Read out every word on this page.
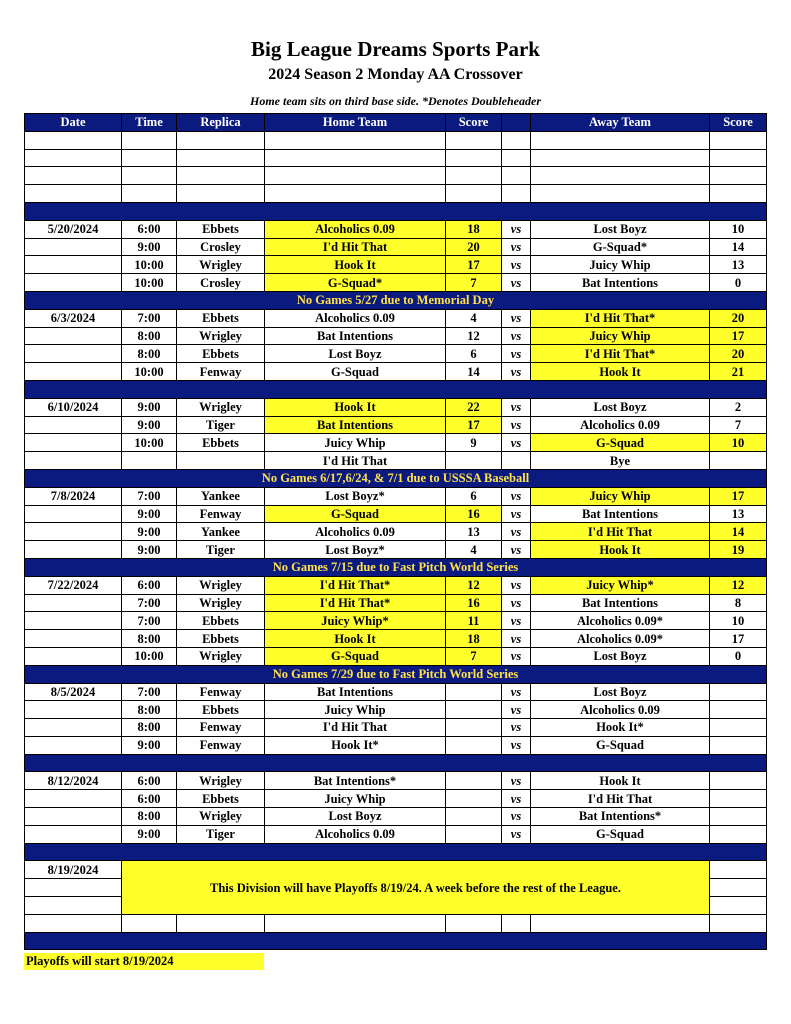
Big League Dreams Sports Park
2024 Season 2 Monday AA Crossover
Home team sits on third base side. *Denotes Doubleheader
Date	Time	Replica	Home Team	Score		Away Team	Score

5/20/2024	6:00	Ebbets	Alcoholics 0.09	18	vs	Lost Boyz	10
	9:00	Crosley	I'd Hit That	20	vs	G-Squad*	14
	10:00	Wrigley	Hook It	17	vs	Juicy Whip	13
	10:00	Crosley	G-Squad*	7	vs	Bat Intentions	0
No Games 5/27 due to Memorial Day							
6/3/2024	7:00	Ebbets	Alcoholics 0.09	4	vs	I'd Hit That*	20
	8:00	Wrigley	Bat Intentions	12	vs	Juicy Whip	17
	8:00	Ebbets	Lost Boyz	6	vs	I'd Hit That*	20
	10:00	Fenway	G-Squad	14	vs	Hook It	21

6/10/2024	9:00	Wrigley	Hook It	22	vs	Lost Boyz	2
	9:00	Tiger	Bat Intentions	17	vs	Alcoholics 0.09	7
	10:00	Ebbets	Juicy Whip	9	vs	G-Squad	10
			I'd Hit That			Bye	
No Games 6/17,6/24, & 7/1 due to USSSA Baseball							
7/8/2024	7:00	Yankee	Lost Boyz*	6	vs	Juicy Whip	17
	9:00	Fenway	G-Squad	16	vs	Bat Intentions	13
	9:00	Yankee	Alcoholics 0.09	13	vs	I'd Hit That	14
	9:00	Tiger	Lost Boyz*	4	vs	Hook It	19
No Games 7/15 due to Fast Pitch World Series							
7/22/2024	6:00	Wrigley	I'd Hit That*	12	vs	Juicy Whip*	12
	7:00	Wrigley	I'd Hit That*	16	vs	Bat Intentions	8
	7:00	Ebbets	Juicy Whip*	11	vs	Alcoholics 0.09*	10
	8:00	Ebbets	Hook It	18	vs	Alcoholics 0.09*	17
	10:00	Wrigley	G-Squad	7	vs	Lost Boyz	0
No Games 7/29 due to Fast Pitch World Series							
8/5/2024	7:00	Fenway	Bat Intentions		vs	Lost Boyz	
	8:00	Ebbets	Juicy Whip		vs	Alcoholics 0.09	
	8:00	Fenway	I'd Hit That		vs	Hook It*	
	9:00	Fenway	Hook It*		vs	G-Squad	

8/12/2024	6:00	Wrigley	Bat Intentions*		vs	Hook It	
	6:00	Ebbets	Juicy Whip		vs	I'd Hit That	
	8:00	Wrigley	Lost Boyz		vs	Bat Intentions*	
	9:00	Tiger	Alcoholics 0.09		vs	G-Squad	

8/19/2024	This Division will have Playoffs 8/19/24. A week before the rest of the League.						

Playoffs will start 8/19/2024
